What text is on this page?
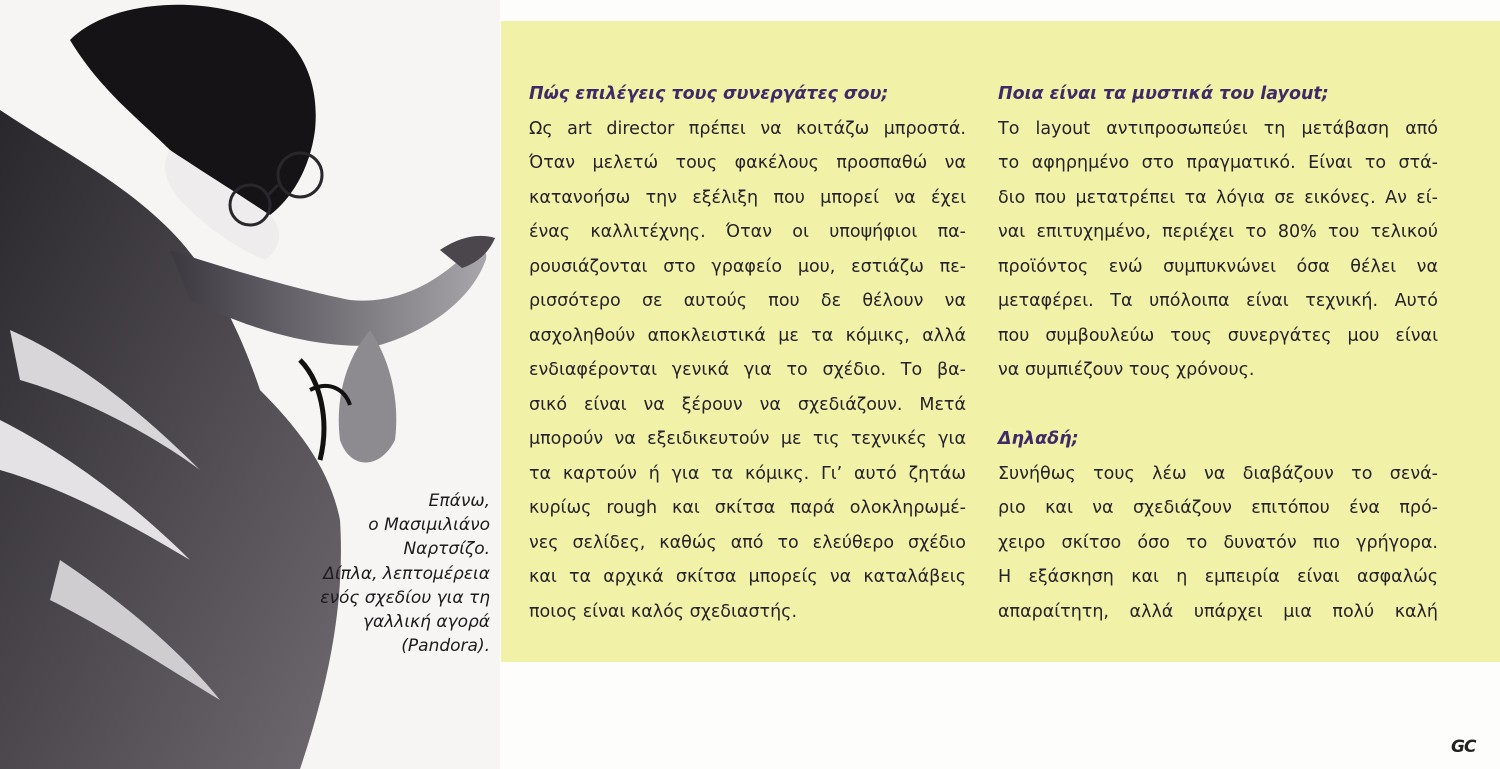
Επάνω,
ο Μασιμιλιάνο
Ναρτσίζο.
Δίπλα, λεπτομέρεια
ενός σχεδίου για τη
γαλλική αγορά
(Pandora).
Πώς επιλέγεις τους συνεργάτες σου;
Ως art director πρέπει να κοιτάζω μπροστά.
Όταν μελετώ τους φακέλους προσπαθώ να
κατανοήσω την εξέλιξη που μπορεί να έχει
ένας καλλιτέχνης. Όταν οι υποψήφιοι πα-
ρουσιάζονται στο γραφείο μου, εστιάζω πε-
ρισσότερο σε αυτούς που δε θέλουν να
ασχοληθούν αποκλειστικά με τα κόμικς, αλλά
ενδιαφέρονται γενικά για το σχέδιο. Το βα-
σικό είναι να ξέρουν να σχεδιάζουν. Μετά
μπορούν να εξειδικευτούν με τις τεχνικές για
τα καρτούν ή για τα κόμικς. Γι’ αυτό ζητάω
κυρίως rough και σκίτσα παρά ολοκληρωμέ-
νες σελίδες, καθώς από το ελεύθερο σχέδιο
και τα αρχικά σκίτσα μπορείς να καταλάβεις
ποιος είναι καλός σχεδιαστής.
Ποια είναι τα μυστικά του layout;
Το layout αντιπροσωπεύει τη μετάβαση από
το αφηρημένο στο πραγματικό. Είναι το στά-
διο που μετατρέπει τα λόγια σε εικόνες. Αν εί-
ναι επιτυχημένο, περιέχει το 80% του τελικού
προϊόντος ενώ συμπυκνώνει όσα θέλει να
μεταφέρει. Τα υπόλοιπα είναι τεχνική. Αυτό
που συμβουλεύω τους συνεργάτες μου είναι
να συμπιέζουν τους χρόνους.
Δηλαδή;
Συνήθως τους λέω να διαβάζουν το σενά-
ριο και να σχεδιάζουν επιτόπου ένα πρό-
χειρο σκίτσο όσο το δυνατόν πιο γρήγορα.
Η εξάσκηση και η εμπειρία είναι ασφαλώς
απαραίτητη, αλλά υπάρχει μια πολύ καλή
GC
